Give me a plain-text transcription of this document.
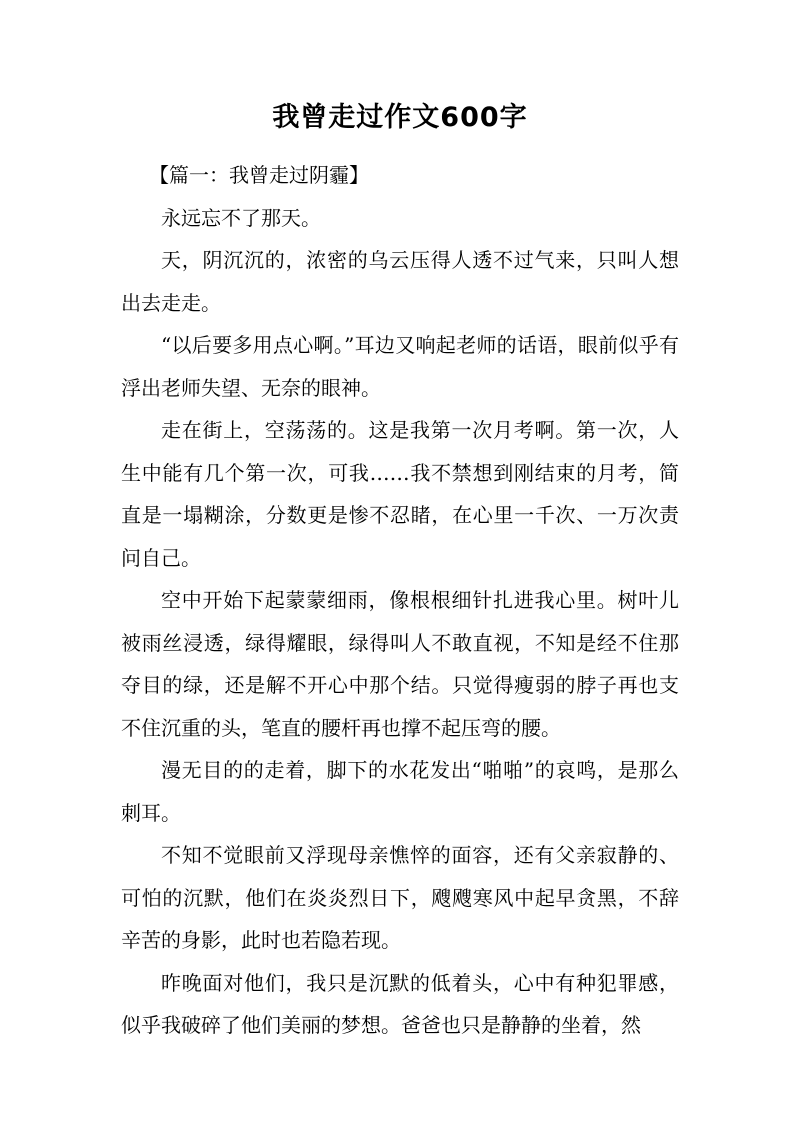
我曾走过作文600字

【篇一：我曾走过阴霾】

永远忘不了那天。

天，阴沉沉的，浓密的乌云压得人透不过气来，只叫人想出去走走。

“以后要多用点心啊。”耳边又响起老师的话语，眼前似乎有浮出老师失望、无奈的眼神。

走在街上，空荡荡的。这是我第一次月考啊。第一次，人生中能有几个第一次，可我……我不禁想到刚结束的月考，简直是一塌糊涂，分数更是惨不忍睹，在心里一千次、一万次责问自己。

空中开始下起蒙蒙细雨，像根根细针扎进我心里。树叶儿被雨丝浸透，绿得耀眼，绿得叫人不敢直视，不知是经不住那夺目的绿，还是解不开心中那个结。只觉得瘦弱的脖子再也支不住沉重的头，笔直的腰杆再也撑不起压弯的腰。

漫无目的的走着，脚下的水花发出“啪啪”的哀鸣，是那么刺耳。

不知不觉眼前又浮现母亲憔悴的面容，还有父亲寂静的、可怕的沉默，他们在炎炎烈日下，飕飕寒风中起早贪黑，不辞辛苦的身影，此时也若隐若现。

昨晚面对他们，我只是沉默的低着头，心中有种犯罪感，似乎我破碎了他们美丽的梦想。爸爸也只是静静的坐着，然
